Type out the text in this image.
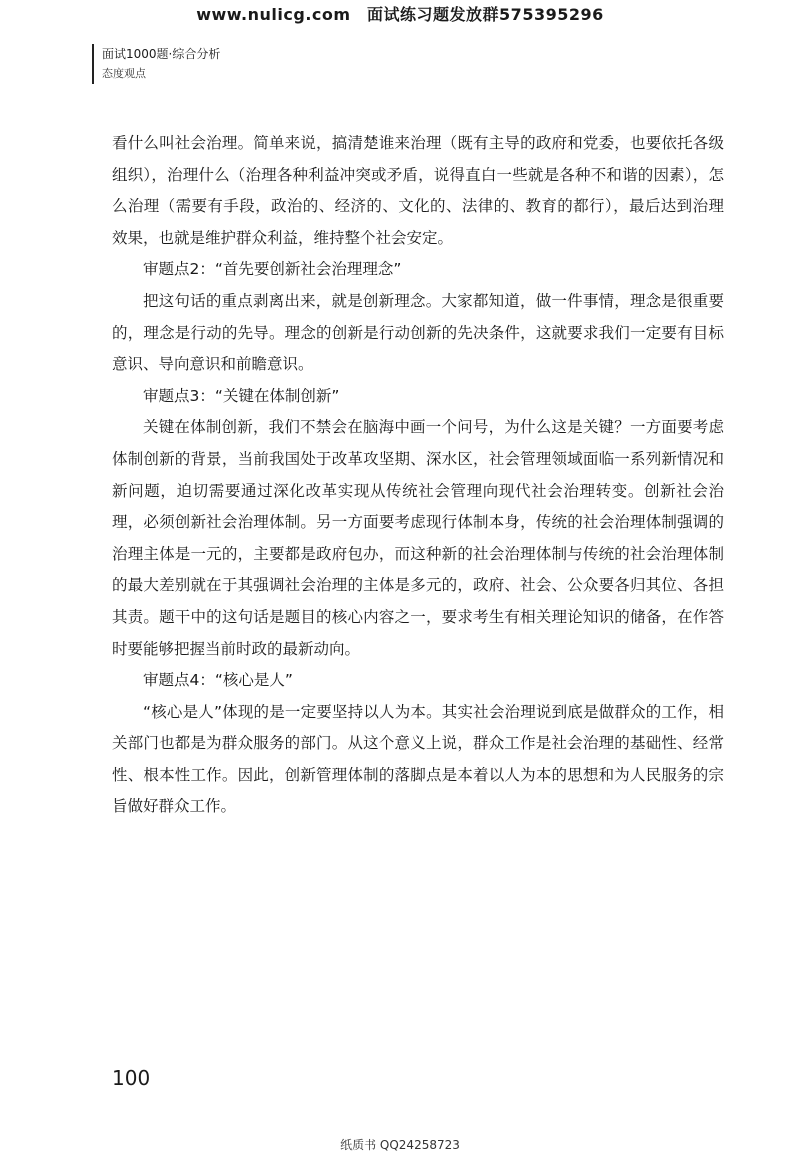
www.nulicg.com　面试练习题发放群575395296
面试1000题·综合分析
态度观点

看什么叫社会治理。简单来说，搞清楚谁来治理（既有主导的政府和党委，也要依托各级组织），治理什么（治理各种利益冲突或矛盾，说得直白一些就是各种不和谐的因素），怎么治理（需要有手段，政治的、经济的、文化的、法律的、教育的都行），最后达到治理效果，也就是维护群众利益，维持整个社会安定。

审题点2：“首先要创新社会治理理念”

把这句话的重点剥离出来，就是创新理念。大家都知道，做一件事情，理念是很重要的，理念是行动的先导。理念的创新是行动创新的先决条件，这就要求我们一定要有目标意识、导向意识和前瞻意识。

审题点3：“关键在体制创新”

关键在体制创新，我们不禁会在脑海中画一个问号，为什么这是关键？一方面要考虑体制创新的背景，当前我国处于改革攻坚期、深水区，社会管理领域面临一系列新情况和新问题，迫切需要通过深化改革实现从传统社会管理向现代社会治理转变。创新社会治理，必须创新社会治理体制。另一方面要考虑现行体制本身，传统的社会治理体制强调的治理主体是一元的，主要都是政府包办，而这种新的社会治理体制与传统的社会治理体制的最大差别就在于其强调社会治理的主体是多元的，政府、社会、公众要各归其位、各担其责。题干中的这句话是题目的核心内容之一，要求考生有相关理论知识的储备，在作答时要能够把握当前时政的最新动向。

审题点4：“核心是人”

“核心是人”体现的是一定要坚持以人为本。其实社会治理说到底是做群众的工作，相关部门也都是为群众服务的部门。从这个意义上说，群众工作是社会治理的基础性、经常性、根本性工作。因此，创新管理体制的落脚点是本着以人为本的思想和为人民服务的宗旨做好群众工作。

100
纸质书 QQ24258723
